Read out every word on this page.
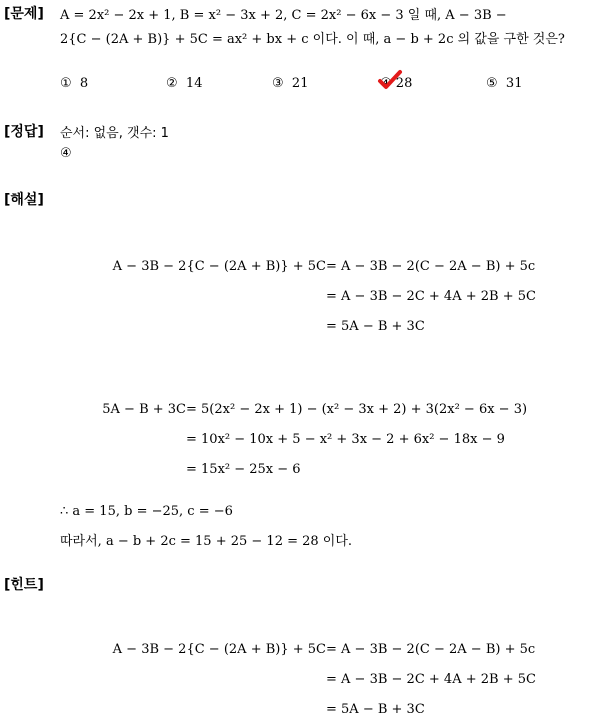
[문제] A = 2x² − 2x + 1, B = x² − 3x + 2, C = 2x² − 6x − 3 일 때, A − 3B −
2{C − (2A + B)} + 5C = ax² + bx + c 이다. 이 때, a − b + 2c 의 값을 구한 것은?
① 8	② 14	③ 21	④ 28	⑤ 31
[정답] 순서: 없음, 갯수: 1
④
[해설]
A − 3B − 2{C − (2A + B)} + 5C = A − 3B − 2(C − 2A − B) + 5c
= A − 3B − 2C + 4A + 2B + 5C
= 5A − B + 3C
5A − B + 3C = 5(2x² − 2x + 1) − (x² − 3x + 2) + 3(2x² − 6x − 3)
= 10x² − 10x + 5 − x² + 3x − 2 + 6x² − 18x − 9
= 15x² − 25x − 6
∴ a = 15, b = −25, c = −6
따라서, a − b + 2c = 15 + 25 − 12 = 28 이다.
[힌트]
A − 3B − 2{C − (2A + B)} + 5C = A − 3B − 2(C − 2A − B) + 5c
= A − 3B − 2C + 4A + 2B + 5C
= 5A − B + 3C
